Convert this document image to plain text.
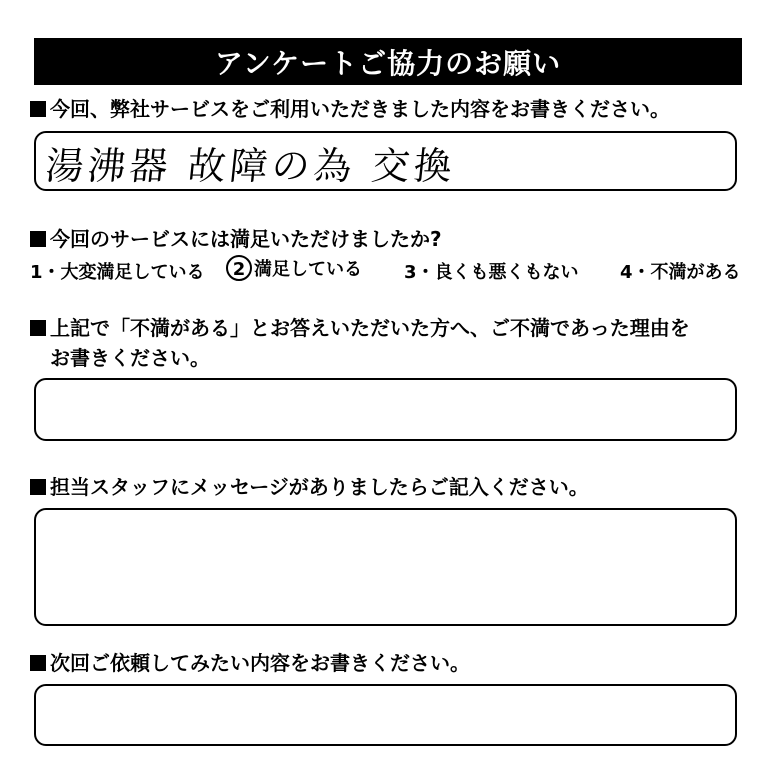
アンケートご協力のお願い
今回、弊社サービスをご利用いただきました内容をお書きください。
湯沸器 故障の為 交換
今回のサービスには満足いただけましたか?
1・大変満足している	2 満足している 3・良くも悪くもない 4・不満がある
上記で「不満がある」とお答えいただいた方へ、ご不満であった理由を
お書きください。
担当スタッフにメッセージがありましたらご記入ください。
次回ご依頼してみたい内容をお書きください。
